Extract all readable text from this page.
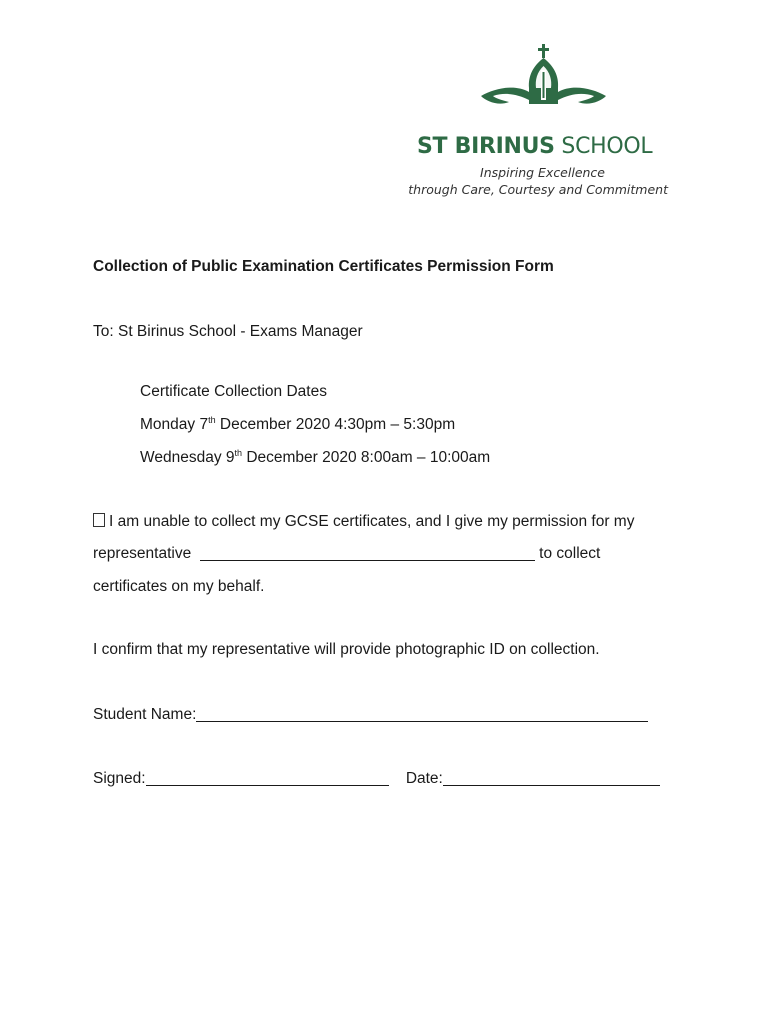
ST BIRINUS SCHOOL
Inspiring Excellence
through Care, Courtesy and Commitment
Collection of Public Examination Certificates Permission Form
To: St Birinus School - Exams Manager
Certificate Collection Dates
Monday 7th December 2020 4:30pm – 5:30pm
Wednesday 9th December 2020 8:00am – 10:00am
I am unable to collect my GCSE certificates, and I give my permission for my
representative	to collect
certificates on my behalf.
I confirm that my representative will provide photographic ID on collection.
Student Name:
Signed:	Date:
